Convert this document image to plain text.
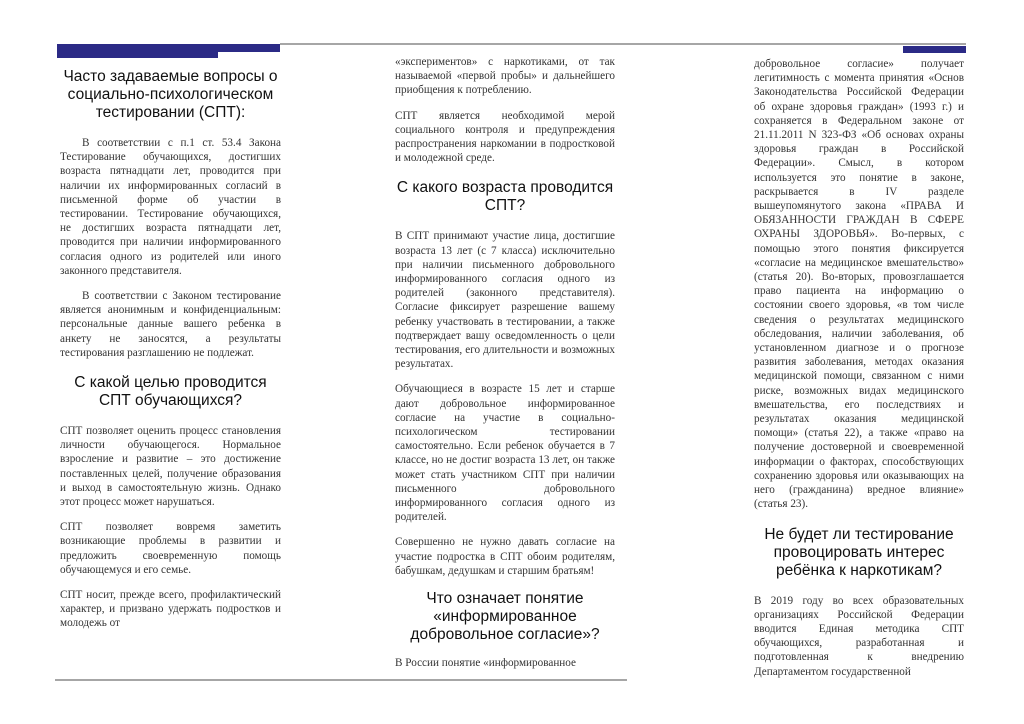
Часто задаваемые вопросы о социально-психологическом тестировании (СПТ):

В соответствии с п.1 ст. 53.4 Закона Тестирование обучающихся, достигших возраста пятнадцати лет, проводится при наличии их информированных согласий в письменной форме об участии в тестировании. Тестирование обучающихся, не достигших возраста пятнадцати лет, проводится при наличии информированного согласия одного из родителей или иного законного представителя.

В соответствии с Законом тестирование является анонимным и конфиденциальным: персональные данные вашего ребенка в анкету не заносятся, а результаты тестирования разглашению не подлежат.

С какой целью проводится СПТ обучающихся?

СПТ позволяет оценить процесс становления личности обучающегося. Нормальное взросление и развитие – это достижение поставленных целей, получение образования и выход в самостоятельную жизнь. Однако этот процесс может нарушаться.

СПТ позволяет вовремя заметить возникающие проблемы в развитии и предложить своевременную помощь обучающемуся и его семье.

СПТ носит, прежде всего, профилактический характер, и призвано удержать подростков и молодежь от

«экспериментов» с наркотиками, от так называемой «первой пробы» и дальнейшего приобщения к потреблению.

СПТ является необходимой мерой социального контроля и предупреждения распространения наркомании в подростковой и молодежной среде.

С какого возраста проводится СПТ?

В СПТ принимают участие лица, достигшие возраста 13 лет (с 7 класса) исключительно при наличии письменного добровольного информированного согласия одного из родителей (законного представителя). Согласие фиксирует разрешение вашему ребенку участвовать в тестировании, а также подтверждает вашу осведомленность о цели тестирования, его длительности и возможных результатах.

Обучающиеся в возрасте 15 лет и старше дают добровольное информированное согласие на участие в социально-психологическом тестировании самостоятельно. Если ребенок обучается в 7 классе, но не достиг возраста 13 лет, он также может стать участником СПТ при наличии письменного добровольного информированного согласия одного из родителей.

Совершенно не нужно давать согласие на участие подростка в СПТ обоим родителям, бабушкам, дедушкам и старшим братьям!

Что означает понятие «информированное добровольное согласие»?

В России понятие «информированное

добровольное согласие» получает легитимность с момента принятия «Основ Законодательства Российской Федерации об охране здоровья граждан» (1993 г.) и сохраняется в Федеральном законе от 21.11.2011 N 323-ФЗ «Об основах охраны здоровья граждан в Российской Федерации». Смысл, в котором используется это понятие в законе, раскрывается в IV разделе вышеупомянутого закона «ПРАВА И ОБЯЗАННОСТИ ГРАЖДАН В СФЕРЕ ОХРАНЫ ЗДОРОВЬЯ». Во-первых, с помощью этого понятия фиксируется «согласие на медицинское вмешательство» (статья 20). Во-вторых, провозглашается право пациента на информацию о состоянии своего здоровья, «в том числе сведения о результатах медицинского обследования, наличии заболевания, об установленном диагнозе и о прогнозе развития заболевания, методах оказания медицинской помощи, связанном с ними риске, возможных видах медицинского вмешательства, его последствиях и результатах оказания медицинской помощи» (статья 22), а также «право на получение достоверной и своевременной информации о факторах, способствующих сохранению здоровья или оказывающих на него (гражданина) вредное влияние» (статья 23).

Не будет ли тестирование провоцировать интерес ребёнка к наркотикам?

В 2019 году во всех образовательных организациях Российской Федерации вводится Единая методика СПТ обучающихся, разработанная и подготовленная к внедрению Департаментом государственной
